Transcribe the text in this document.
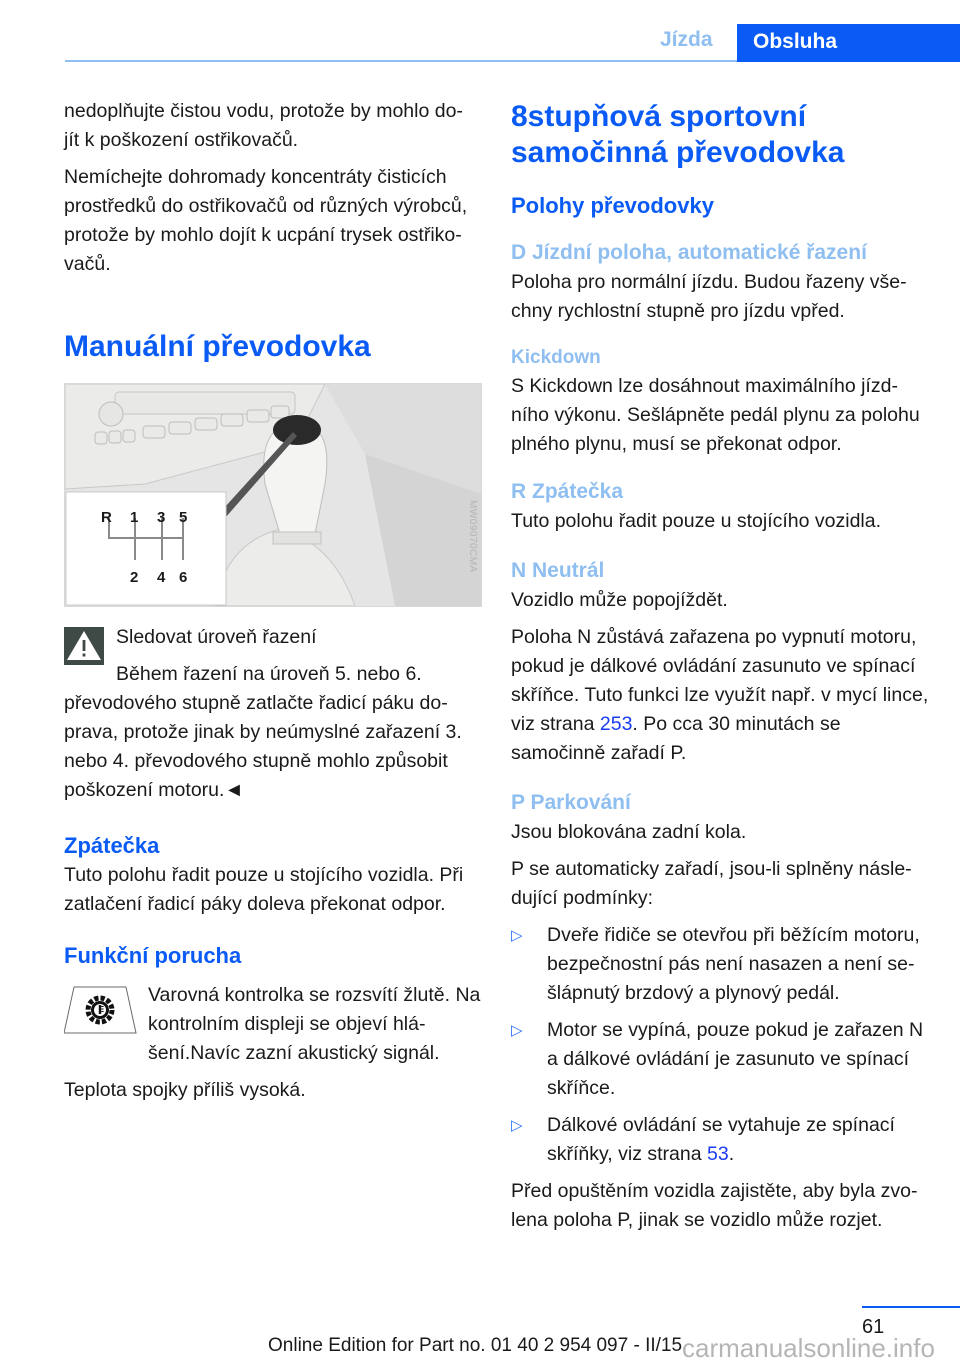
Jízda	Obsluha

nedoplňujte čistou vodu, protože by mohlo do-jít k poškození ostřikovačů.

Nemíchejte dohromady koncentráty čisticích prostředků do ostřikovačů od různých výrobců, protože by mohlo dojít k ucpání trysek ostřiko-vačů.

Manuální převodovka
R 1 3 5
2 4 6

Sledovat úroveň řazení

Během řazení na úroveň 5. nebo 6. převodového stupně zatlačte řadicí páku do-prava, protože jinak by neúmyslné zařazení 3. nebo 4. převodového stupně mohlo způsobit poškození motoru.◄

Zpátečka

Tuto polohu řadit pouze u stojícího vozidla. Při zatlačení řadicí páky doleva překonat odpor.

Funkční porucha

Varovná kontrolka se rozsvítí žlutě. Na kontrolním displeji se objeví hlá-šení.Navíc zazní akustický signál.

Teplota spojky příliš vysoká.

MW09070CMA
8stupňová sportovní samočinná převodovka
Polohy převodovky
D Jízdní poloha, automatické řazení

Poloha pro normální jízdu. Budou řazeny vše-chny rychlostní stupně pro jízdu vpřed.

Kickdown

S Kickdown lze dosáhnout maximálního jízd-ního výkonu. Sešlápněte pedál plynu za polohu plného plynu, musí se překonat odpor.

R Zpátečka

Tuto polohu řadit pouze u stojícího vozidla.

N Neutrál

Vozidlo může popojíždět.

Poloha N zůstává zařazena po vypnutí motoru, pokud je dálkové ovládání zasunuto ve spínací skříňce. Tuto funkci lze využít např. v mycí lince, viz strana 253. Po cca 30 minutách se samočinně zařadí P.

P Parkování

Jsou blokována zadní kola.

P se automaticky zařadí, jsou-li splněny násle-dující podmínky:

▷ Dveře řidiče se otevřou při běžícím motoru, bezpečnostní pás není nasazen a není se-šlápnutý brzdový a plynový pedál.
▷ Motor se vypíná, pouze pokud je zařazen N a dálkové ovládání je zasunuto ve spínací skříňce.
▷ Dálkové ovládání se vytahuje ze spínací skříňky, viz strana 53.

Před opuštěním vozidla zajistěte, aby byla zvo-lena poloha P, jinak se vozidlo může rozjet.

61
Online Edition for Part no. 01 40 2 954 097 - II/15 carmanualsonline.info
